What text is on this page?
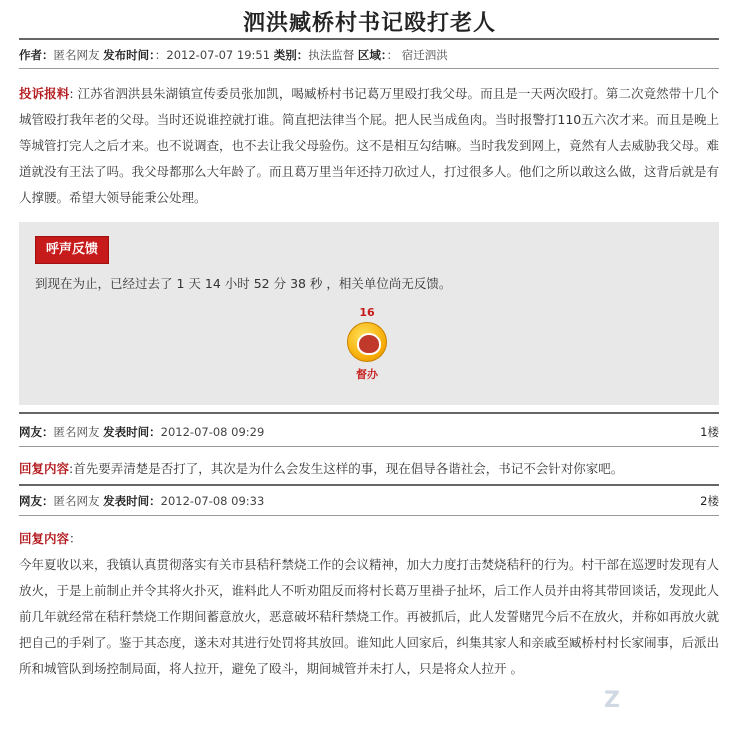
泗洪臧桥村书记殴打老人
作者：匿名网友 发布时间：：2012-07-07 19:51 类别：执法监督 区域：： 宿迁泗洪
投诉报料: 江苏省泗洪县朱湖镇宣传委员张加凯，喝臧桥村书记葛万里殴打我父母。而且是一天两次殴打。第二次竟然带十几个城管殴打我年老的父母。当时还说谁控就打谁。简直把法律当个屁。把人民当成鱼肉。当时报警打110五六次才来。而且是晚上等城管打完人之后才来。也不说调查，也不去让我父母验伤。这不是相互勾结嘛。当时我发到网上，竟然有人去威胁我父母。难道就没有王法了吗。我父母都那么大年龄了。而且葛万里当年还持刀砍过人，打过很多人。他们之所以敢这么做，这背后就是有人撑腰。希望大领导能秉公处理。
呼声反馈
到现在为止，已经过去了 1 天 14 小时 52 分 38 秒 ，相关单位尚无反馈。
16
督办
网友：匿名网友 发表时间：2012-07-08 09:29	1楼
回复内容:首先要弄清楚是否打了，其次是为什么会发生这样的事，现在倡导各谐社会，书记不会针对你家吧。
网友：匿名网友 发表时间：2012-07-08 09:33	2楼
回复内容：
今年夏收以来，我镇认真贯彻落实有关市县秸秆禁烧工作的会议精神，加大力度打击焚烧秸秆的行为。村干部在巡逻时发现有人放火，于是上前制止并令其将火扑灭，谁料此人不听劝阻反而将村长葛万里褂子扯坏，后工作人员并由将其带回谈话，发现此人前几年就经常在秸秆禁烧工作期间蓄意放火，恶意破坏秸秆禁烧工作。再被抓后，此人发誓赌咒今后不在放火，并称如再放火就把自己的手剁了。鉴于其态度，遂未对其进行处罚将其放回。谁知此人回家后，纠集其家人和亲戚至臧桥村村长家闹事，后派出所和城管队到场控制局面，将人拉开，避免了殴斗，期间城管并未打人，只是将众人拉开 。
Z
